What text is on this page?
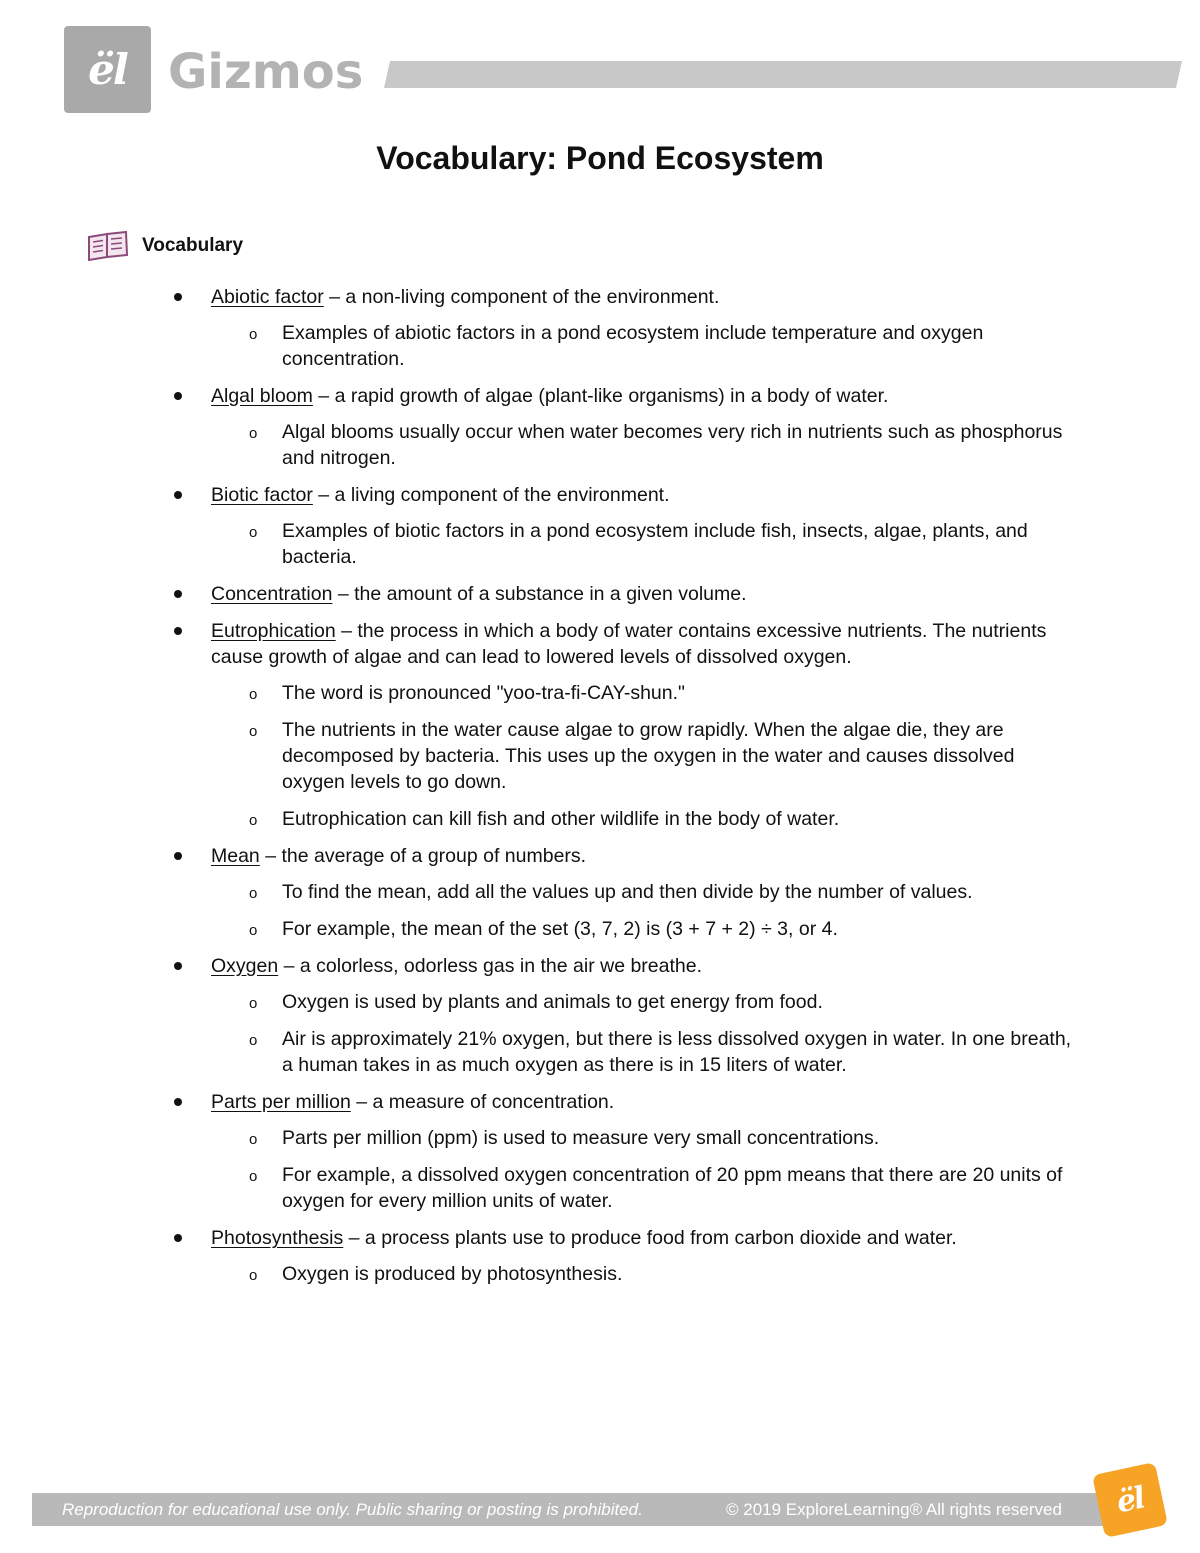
ël Gizmos
Vocabulary: Pond Ecosystem
Vocabulary
Abiotic factor – a non-living component of the environment.
o Examples of abiotic factors in a pond ecosystem include temperature and oxygen concentration.
Algal bloom – a rapid growth of algae (plant-like organisms) in a body of water.
o Algal blooms usually occur when water becomes very rich in nutrients such as phosphorus and nitrogen.
Biotic factor – a living component of the environment.
o Examples of biotic factors in a pond ecosystem include fish, insects, algae, plants, and bacteria.
Concentration – the amount of a substance in a given volume.
Eutrophication – the process in which a body of water contains excessive nutrients. The nutrients cause growth of algae and can lead to lowered levels of dissolved oxygen.
o The word is pronounced "yoo-tra-fi-CAY-shun."
o The nutrients in the water cause algae to grow rapidly. When the algae die, they are decomposed by bacteria. This uses up the oxygen in the water and causes dissolved oxygen levels to go down.
o Eutrophication can kill fish and other wildlife in the body of water.
Mean – the average of a group of numbers.
o To find the mean, add all the values up and then divide by the number of values.
o For example, the mean of the set (3, 7, 2) is (3 + 7 + 2) ÷ 3, or 4.
Oxygen – a colorless, odorless gas in the air we breathe.
o Oxygen is used by plants and animals to get energy from food.
o Air is approximately 21% oxygen, but there is less dissolved oxygen in water. In one breath, a human takes in as much oxygen as there is in 15 liters of water.
Parts per million – a measure of concentration.
o Parts per million (ppm) is used to measure very small concentrations.
o For example, a dissolved oxygen concentration of 20 ppm means that there are 20 units of oxygen for every million units of water.
Photosynthesis – a process plants use to produce food from carbon dioxide and water.
o Oxygen is produced by photosynthesis.
Reproduction for educational use only. Public sharing or posting is prohibited.	© 2019 ExploreLearning® All rights reserved ël
